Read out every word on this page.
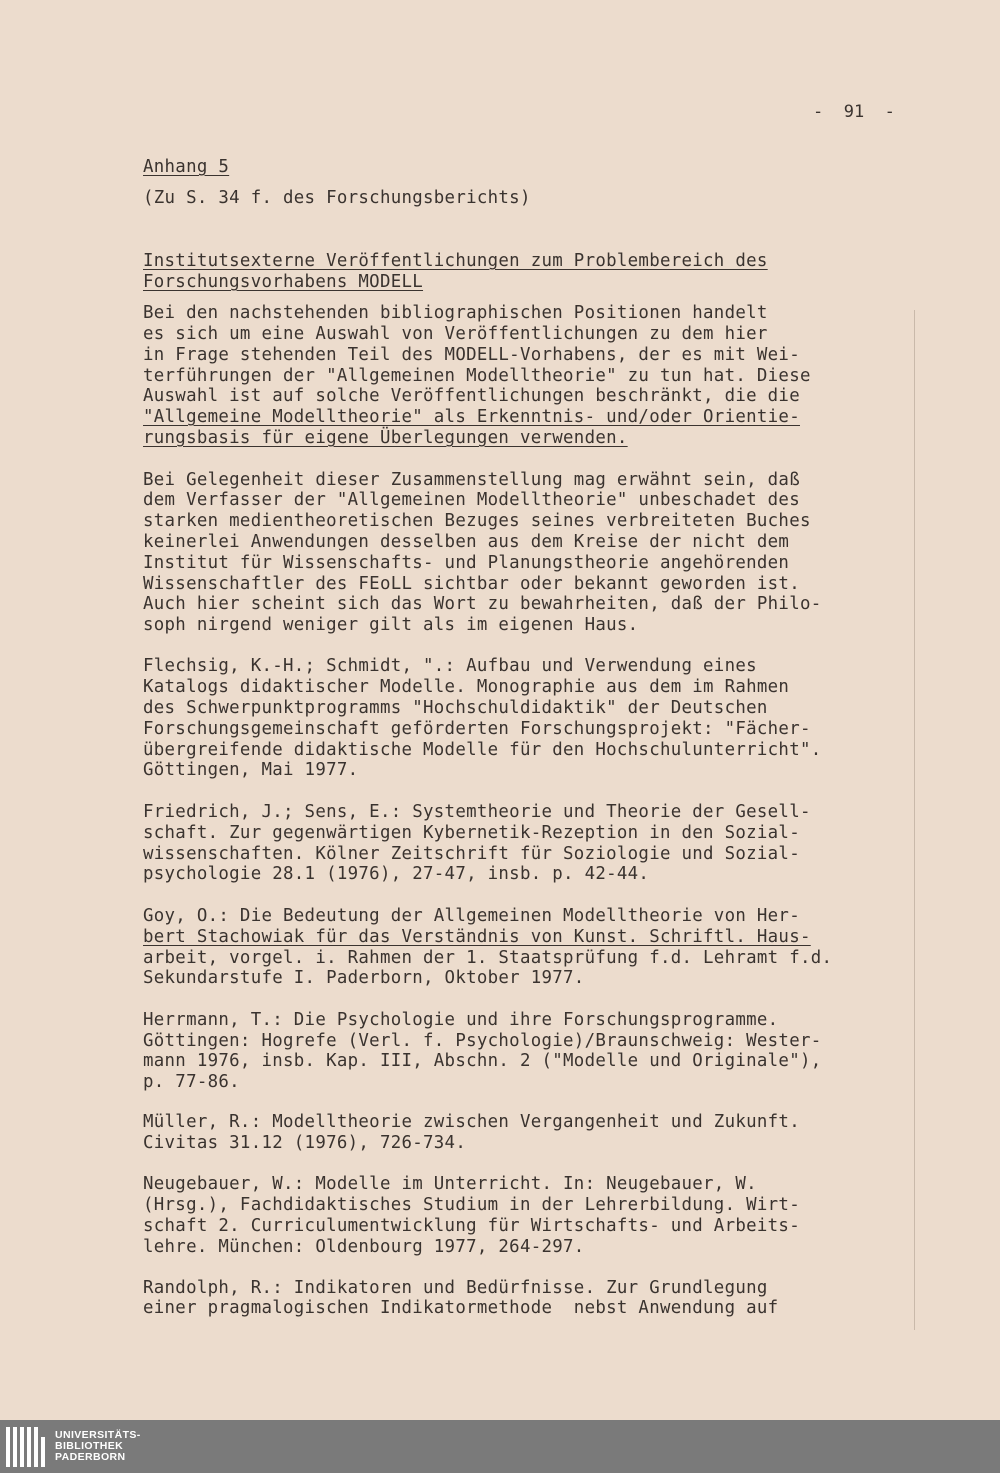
-  91  -
Anhang 5
(Zu S. 34 f. des Forschungsberichts)
Institutsexterne Veröffentlichungen zum Problembereich des
Forschungsvorhabens MODELL
Bei den nachstehenden bibliographischen Positionen handelt
es sich um eine Auswahl von Veröffentlichungen zu dem hier
in Frage stehenden Teil des MODELL-Vorhabens, der es mit Wei-
terführungen der "Allgemeinen Modelltheorie" zu tun hat. Diese
Auswahl ist auf solche Veröffentlichungen beschränkt, die die
"Allgemeine Modelltheorie" als Erkenntnis- und/oder Orientie-
rungsbasis für eigene Überlegungen verwenden.
Bei Gelegenheit dieser Zusammenstellung mag erwähnt sein, daß
dem Verfasser der "Allgemeinen Modelltheorie" unbeschadet des
starken medientheoretischen Bezuges seines verbreiteten Buches
keinerlei Anwendungen desselben aus dem Kreise der nicht dem
Institut für Wissenschafts- und Planungstheorie angehörenden
Wissenschaftler des FEoLL sichtbar oder bekannt geworden ist.
Auch hier scheint sich das Wort zu bewahrheiten, daß der Philo-
soph nirgend weniger gilt als im eigenen Haus.
Flechsig, K.-H.; Schmidt, ".: Aufbau und Verwendung eines
Katalogs didaktischer Modelle. Monographie aus dem im Rahmen
des Schwerpunktprogramms "Hochschuldidaktik" der Deutschen
Forschungsgemeinschaft geförderten Forschungsprojekt: "Fächer-
übergreifende didaktische Modelle für den Hochschulunterricht".
Göttingen, Mai 1977.
Friedrich, J.; Sens, E.: Systemtheorie und Theorie der Gesell-
schaft. Zur gegenwärtigen Kybernetik-Rezeption in den Sozial-
wissenschaften. Kölner Zeitschrift für Soziologie und Sozial-
psychologie 28.1 (1976), 27-47, insb. p. 42-44.
Goy, O.: Die Bedeutung der Allgemeinen Modelltheorie von Her-
bert Stachowiak für das Verständnis von Kunst. Schriftl. Haus-
arbeit, vorgel. i. Rahmen der 1. Staatsprüfung f.d. Lehramt f.d.
Sekundarstufe I. Paderborn, Oktober 1977.
Herrmann, T.: Die Psychologie und ihre Forschungsprogramme.
Göttingen: Hogrefe (Verl. f. Psychologie)/Braunschweig: Wester-
mann 1976, insb. Kap. III, Abschn. 2 ("Modelle und Originale"),
p. 77-86.
Müller, R.: Modelltheorie zwischen Vergangenheit und Zukunft.
Civitas 31.12 (1976), 726-734.
Neugebauer, W.: Modelle im Unterricht. In: Neugebauer, W.
(Hrsg.), Fachdidaktisches Studium in der Lehrerbildung. Wirt-
schaft 2. Curriculumentwicklung für Wirtschafts- und Arbeits-
lehre. München: Oldenbourg 1977, 264-297.
Randolph, R.: Indikatoren und Bedürfnisse. Zur Grundlegung
einer pragmalogischen Indikatormethode  nebst Anwendung auf
UNIVERSITÄTS-
BIBLIOTHEK
PADERBORN
